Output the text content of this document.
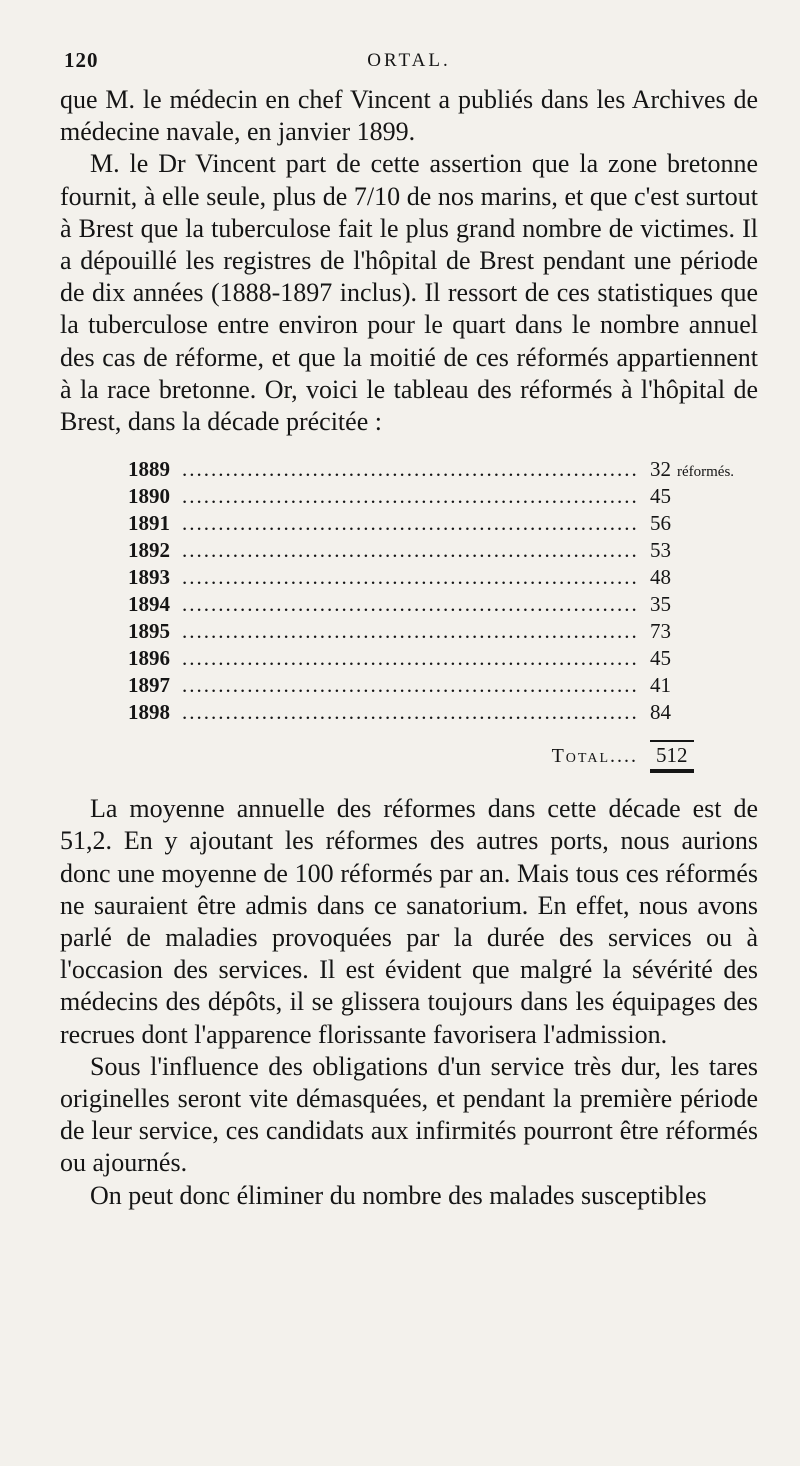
120	ORTAL.

que M. le médecin en chef Vincent a publiés dans les Archives de médecine navale, en janvier 1899.

M. le Dr Vincent part de cette assertion que la zone bretonne fournit, à elle seule, plus de 7/10 de nos marins, et que c'est surtout à Brest que la tuberculose fait le plus grand nombre de victimes. Il a dépouillé les registres de l'hôpital de Brest pendant une période de dix années (1888-1897 inclus). Il ressort de ces statistiques que la tuberculose entre environ pour le quart dans le nombre annuel des cas de réforme, et que la moitié de ces réformés appartiennent à la race bretonne. Or, voici le tableau des réformés à l'hôpital de Brest, dans la décade précitée :

1889 .....	32 réformés.
1890 .....	45
1891 .....	56
1892 .....	53
1893 .....	48
1894 .....	35
1895 .....	73
1896 .....	45
1897 .....	41
1898 .....	84
Total.... 512

La moyenne annuelle des réformes dans cette décade est de 51,2. En y ajoutant les réformes des autres ports, nous aurions donc une moyenne de 100 réformés par an. Mais tous ces réformés ne sauraient être admis dans ce sanatorium. En effet, nous avons parlé de maladies provoquées par la durée des services ou à l'occasion des services. Il est évident que malgré la sévérité des médecins des dépôts, il se glissera toujours dans les équipages des recrues dont l'apparence florissante favorisera l'admission.

Sous l'influence des obligations d'un service très dur, les tares originelles seront vite démasquées, et pendant la première période de leur service, ces candidats aux infirmités pourront être réformés ou ajournés.

On peut donc éliminer du nombre des malades susceptibles
